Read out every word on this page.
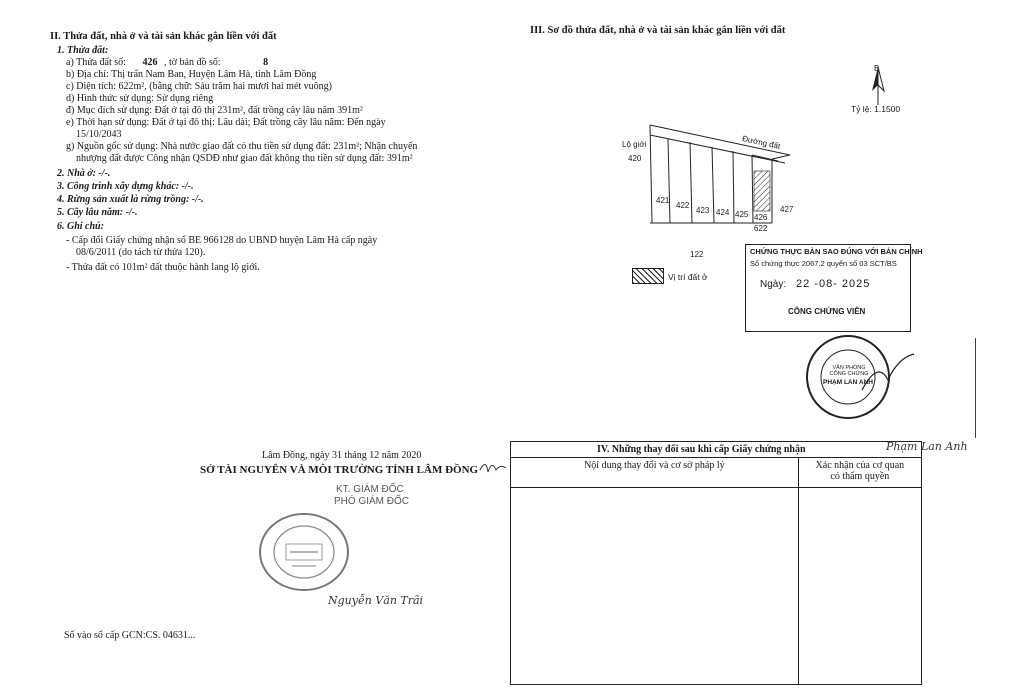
II. Thửa đất, nhà ở và tài sản khác gắn liền với đất
1. Thửa đất:
a) Thửa đất số: 426 , tờ bản đồ số:	8
b) Địa chỉ: Thị trấn Nam Ban, Huyện Lâm Hà, tỉnh Lâm Đồng
c) Diện tích: 622m², (bằng chữ: Sáu trăm hai mươi hai mét vuông)
d) Hình thức sử dụng: Sử dụng riêng
đ) Mục đích sử dụng: Đất ở tại đô thị 231m², đất trồng cây lâu năm 391m²
e) Thời hạn sử dụng: Đất ở tại đô thị: Lâu dài; Đất trồng cây lâu năm: Đến ngày
15/10/2043
g) Nguồn gốc sử dụng: Nhà nước giao đất có thu tiền sử dụng đất: 231m²; Nhận chuyển
nhượng đất được Công nhận QSDĐ như giao đất không thu tiền sử dụng đất: 391m²
2. Nhà ở: -/-.
3. Công trình xây dựng khác: -/-.
4. Rừng sản xuất là rừng trồng: -/-.
5. Cây lâu năm: -/-.
6. Ghi chú:
- Cấp đổi Giấy chứng nhận số BE 966128 do UBND huyện Lâm Hà cấp ngày
08/6/2011 (do tách từ thửa 120).
- Thửa đất có 101m² đất thuộc hành lang lộ giới.
Lâm Đồng, ngày 31 tháng 12 năm 2020
SỞ TÀI NGUYÊN VÀ MÔI TRƯỜNG TỈNH LÂM ĐỒNG
KT. GIÁM ĐỐC
PHÓ GIÁM ĐỐC
Nguyễn Văn Trãi
Số vào sổ cấp GCN:CS. 04631...
III. Sơ đồ thửa đất, nhà ở và tài sản khác gắn liền với đất
B
Tỷ lệ: 1.1500
Đường đất
Lộ giới
420
421
422
423 424 425 426
427
622
122
Vị trí đất ở
CHỨNG THỰC BẢN SAO ĐÚNG VỚI BẢN CHÍNH
Số chứng thực 2067.2 quyển số 03 SCT/BS
Ngày: 22 -08- 2025
CÔNG CHỨNG VIÊN
VĂN PHÒNG CÔNG CHỨNG
PHẠM LAN ANH
Phạm Lan Anh
IV. Những thay đổi sau khi cấp Giấy chứng nhận	
Nội dung thay đổi và cơ sở pháp lý	Xác nhận của cơ quan
có thẩm quyền
